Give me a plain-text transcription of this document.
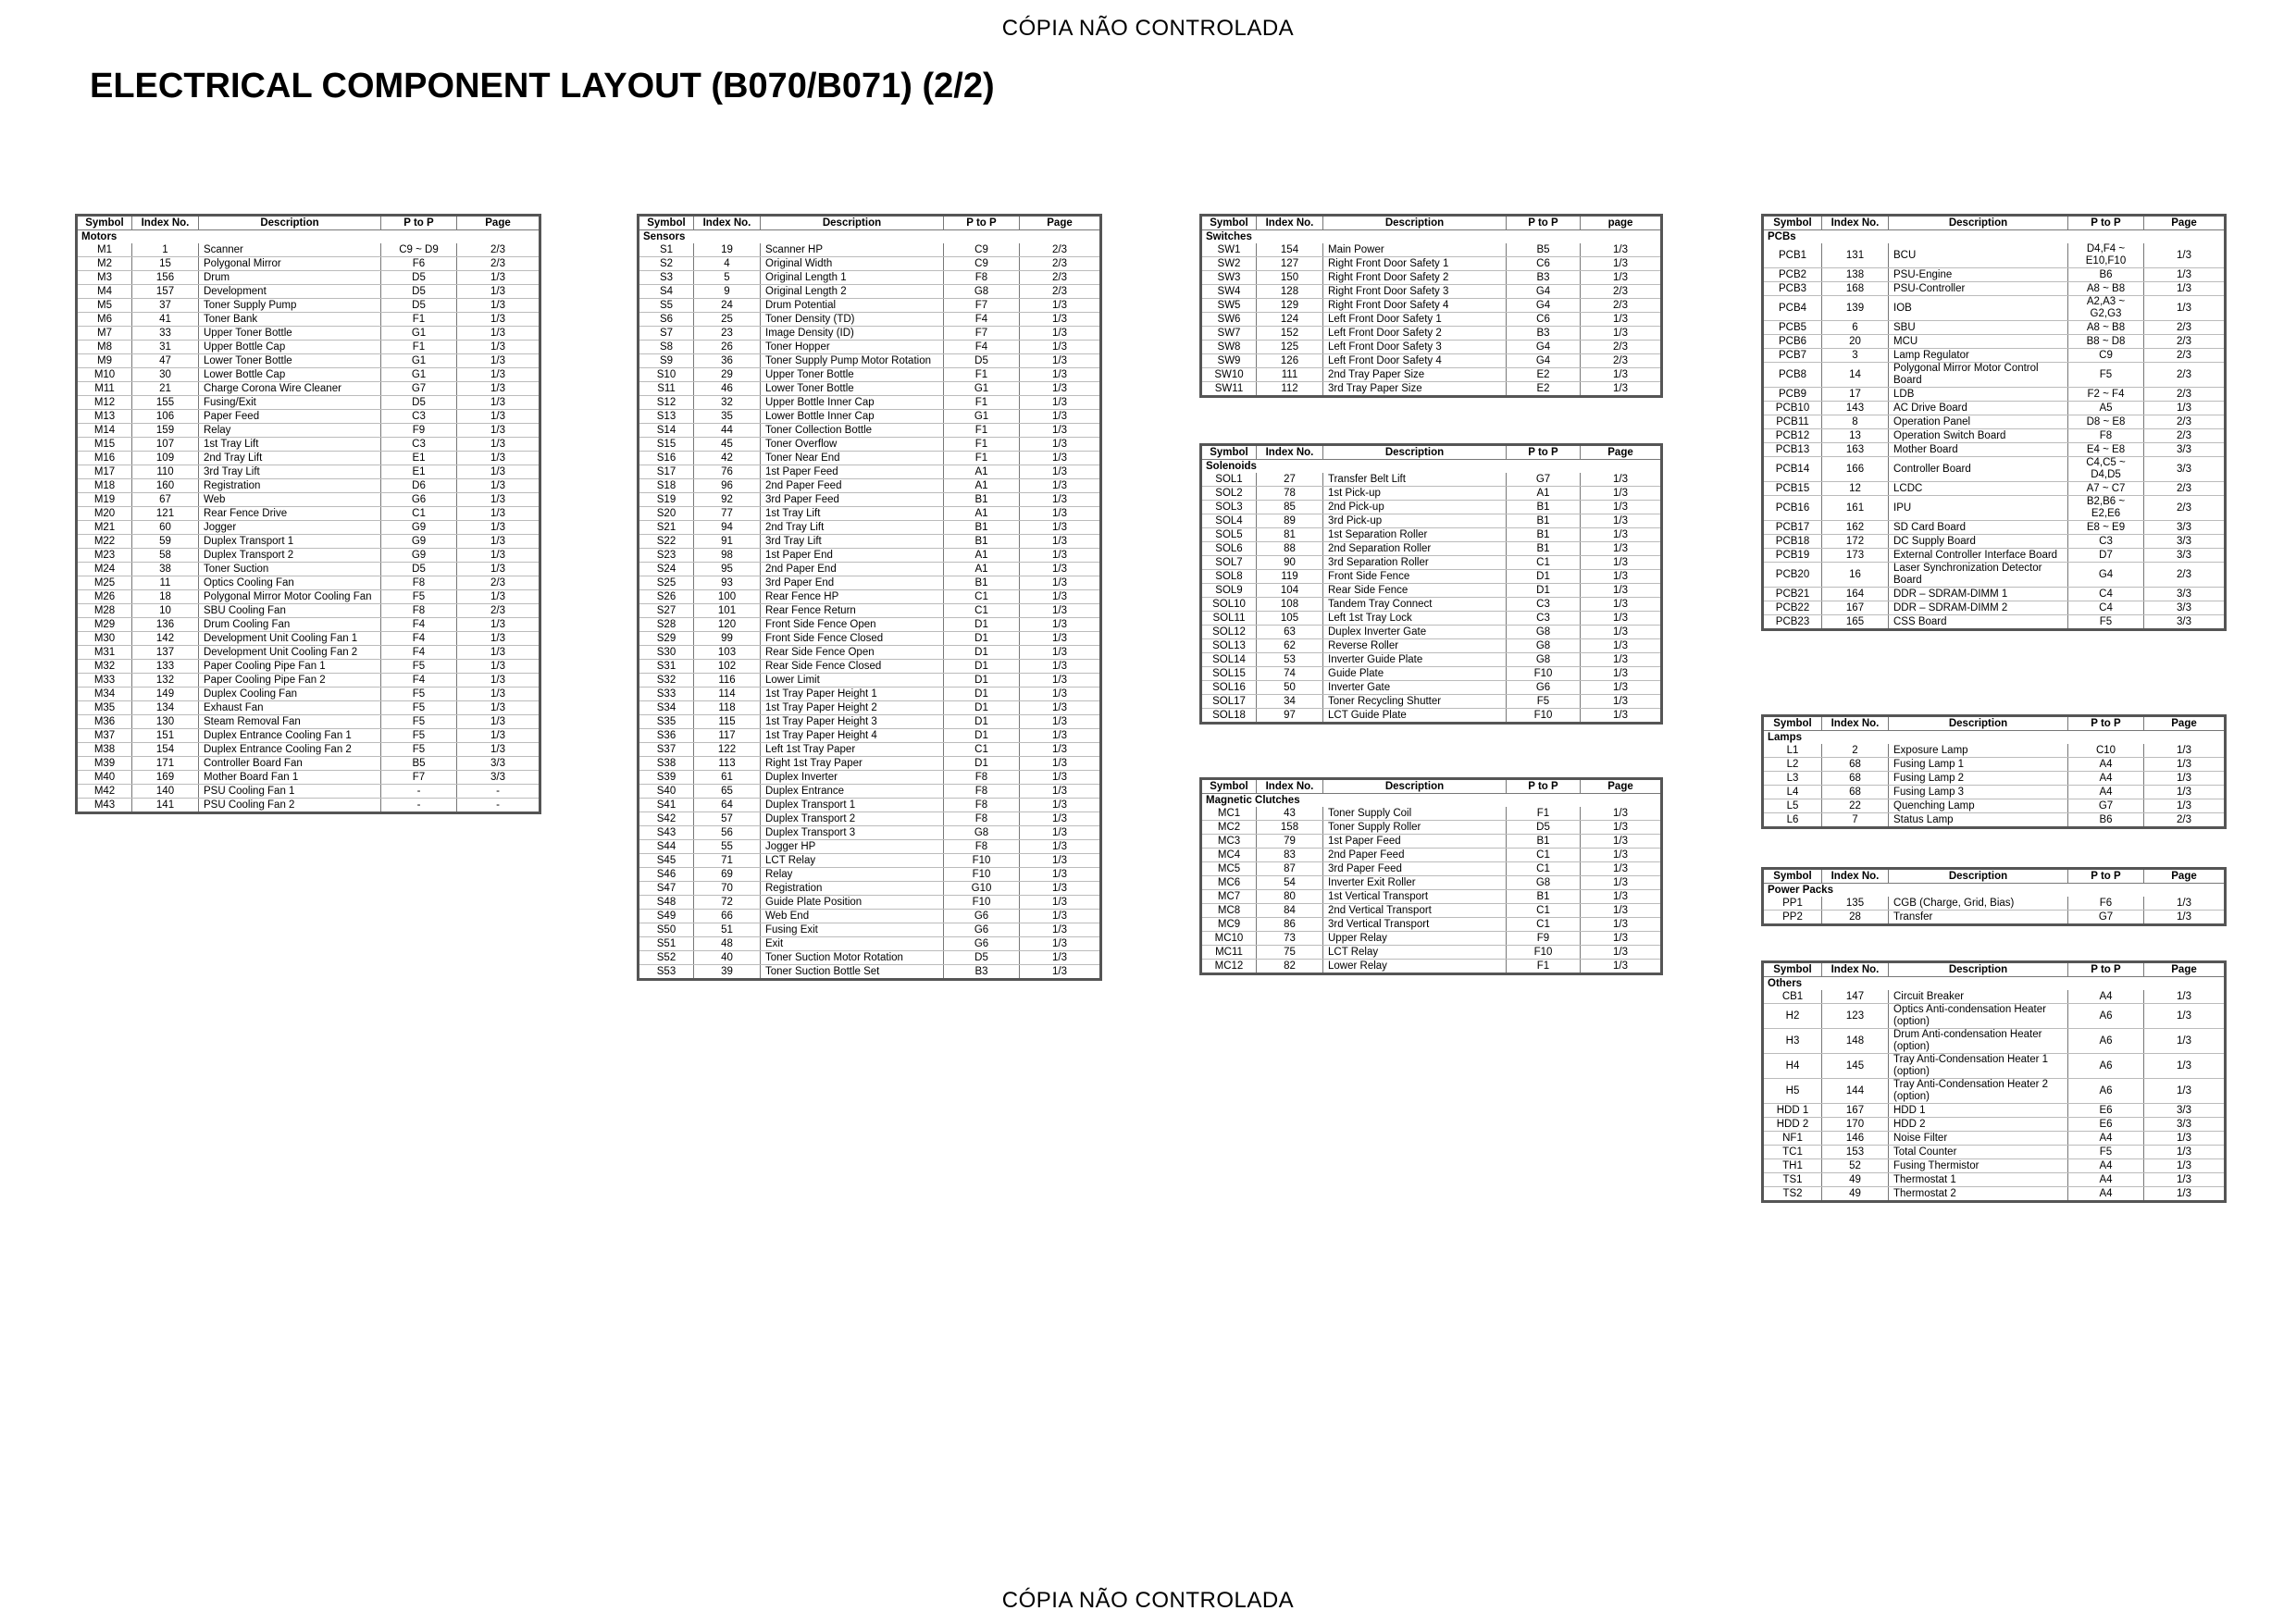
CÓPIA NÃO CONTROLADA
ELECTRICAL COMPONENT LAYOUT (B070/B071) (2/2)
Symbol	Index No.	Description	P to P	Page
Motors				
M1	1	Scanner	C9 ~ D9	2/3
M2	15	Polygonal Mirror	F6	2/3
M3	156	Drum	D5	1/3
M4	157	Development	D5	1/3
M5	37	Toner Supply Pump	D5	1/3
M6	41	Toner Bank	F1	1/3
M7	33	Upper Toner Bottle	G1	1/3
M8	31	Upper Bottle Cap	F1	1/3
M9	47	Lower Toner Bottle	G1	1/3
M10	30	Lower Bottle Cap	G1	1/3
M11	21	Charge Corona Wire Cleaner	G7	1/3
M12	155	Fusing/Exit	D5	1/3
M13	106	Paper Feed	C3	1/3
M14	159	Relay	F9	1/3
M15	107	1st Tray Lift	C3	1/3
M16	109	2nd Tray Lift	E1	1/3
M17	110	3rd Tray Lift	E1	1/3
M18	160	Registration	D6	1/3
M19	67	Web	G6	1/3
M20	121	Rear Fence Drive	C1	1/3
M21	60	Jogger	G9	1/3
M22	59	Duplex Transport 1	G9	1/3
M23	58	Duplex Transport 2	G9	1/3
M24	38	Toner Suction	D5	1/3
M25	11	Optics Cooling Fan	F8	2/3
M26	18	Polygonal Mirror Motor Cooling Fan	F5	1/3
M28	10	SBU Cooling Fan	F8	2/3
M29	136	Drum Cooling Fan	F4	1/3
M30	142	Development Unit Cooling Fan 1	F4	1/3
M31	137	Development Unit Cooling Fan 2	F4	1/3
M32	133	Paper Cooling Pipe Fan 1	F5	1/3
M33	132	Paper Cooling Pipe Fan 2	F4	1/3
M34	149	Duplex Cooling Fan	F5	1/3
M35	134	Exhaust Fan	F5	1/3
M36	130	Steam Removal Fan	F5	1/3
M37	151	Duplex Entrance Cooling Fan 1	F5	1/3
M38	154	Duplex Entrance Cooling Fan 2	F5	1/3
M39	171	Controller Board Fan	B5	3/3
M40	169	Mother Board Fan 1	F7	3/3
M42	140	PSU Cooling Fan 1	-	-
M43	141	PSU Cooling Fan 2	-	-
Symbol	Index No.	Description	P to P	Page
Sensors				
S1	19	Scanner HP	C9	2/3
S2	4	Original Width	C9	2/3
S3	5	Original Length 1	F8	2/3
S4	9	Original Length 2	G8	2/3
S5	24	Drum Potential	F7	1/3
S6	25	Toner Density (TD)	F4	1/3
S7	23	Image Density (ID)	F7	1/3
S8	26	Toner Hopper	F4	1/3
S9	36	Toner Supply Pump Motor Rotation	D5	1/3
S10	29	Upper Toner Bottle	F1	1/3
S11	46	Lower Toner Bottle	G1	1/3
S12	32	Upper Bottle Inner Cap	F1	1/3
S13	35	Lower Bottle Inner Cap	G1	1/3
S14	44	Toner Collection Bottle	F1	1/3
S15	45	Toner Overflow	F1	1/3
S16	42	Toner Near End	F1	1/3
S17	76	1st Paper Feed	A1	1/3
S18	96	2nd Paper Feed	A1	1/3
S19	92	3rd Paper Feed	B1	1/3
S20	77	1st Tray Lift	A1	1/3
S21	94	2nd Tray Lift	B1	1/3
S22	91	3rd Tray Lift	B1	1/3
S23	98	1st Paper End	A1	1/3
S24	95	2nd Paper End	A1	1/3
S25	93	3rd Paper End	B1	1/3
S26	100	Rear Fence HP	C1	1/3
S27	101	Rear Fence Return	C1	1/3
S28	120	Front Side Fence Open	D1	1/3
S29	99	Front Side Fence Closed	D1	1/3
S30	103	Rear Side Fence Open	D1	1/3
S31	102	Rear Side Fence Closed	D1	1/3
S32	116	Lower Limit	D1	1/3
S33	114	1st Tray Paper Height 1	D1	1/3
S34	118	1st Tray Paper Height 2	D1	1/3
S35	115	1st Tray Paper Height 3	D1	1/3
S36	117	1st Tray Paper Height 4	D1	1/3
S37	122	Left 1st Tray Paper	C1	1/3
S38	113	Right 1st Tray Paper	D1	1/3
S39	61	Duplex Inverter	F8	1/3
S40	65	Duplex Entrance	F8	1/3
S41	64	Duplex Transport 1	F8	1/3
S42	57	Duplex Transport 2	F8	1/3
S43	56	Duplex Transport 3	G8	1/3
S44	55	Jogger HP	F8	1/3
S45	71	LCT Relay	F10	1/3
S46	69	Relay	F10	1/3
S47	70	Registration	G10	1/3
S48	72	Guide Plate Position	F10	1/3
S49	66	Web End	G6	1/3
S50	51	Fusing Exit	G6	1/3
S51	48	Exit	G6	1/3
S52	40	Toner Suction Motor Rotation	D5	1/3
S53	39	Toner Suction Bottle Set	B3	1/3
Symbol	Index No.	Description	P to P	page
Switches				
SW1	154	Main Power	B5	1/3
SW2	127	Right Front Door Safety 1	C6	1/3
SW3	150	Right Front Door Safety 2	B3	1/3
SW4	128	Right Front Door Safety 3	G4	2/3
SW5	129	Right Front Door Safety 4	G4	2/3
SW6	124	Left Front Door Safety 1	C6	1/3
SW7	152	Left Front Door Safety 2	B3	1/3
SW8	125	Left Front Door Safety 3	G4	2/3
SW9	126	Left Front Door Safety 4	G4	2/3
SW10	111	2nd Tray Paper Size	E2	1/3
SW11	112	3rd Tray Paper Size	E2	1/3
Symbol	Index No.	Description	P to P	Page
Solenoids				
SOL1	27	Transfer Belt Lift	G7	1/3
SOL2	78	1st Pick-up	A1	1/3
SOL3	85	2nd Pick-up	B1	1/3
SOL4	89	3rd Pick-up	B1	1/3
SOL5	81	1st Separation Roller	B1	1/3
SOL6	88	2nd Separation Roller	B1	1/3
SOL7	90	3rd Separation Roller	C1	1/3
SOL8	119	Front Side Fence	D1	1/3
SOL9	104	Rear Side Fence	D1	1/3
SOL10	108	Tandem Tray Connect	C3	1/3
SOL11	105	Left 1st Tray Lock	C3	1/3
SOL12	63	Duplex Inverter Gate	G8	1/3
SOL13	62	Reverse Roller	G8	1/3
SOL14	53	Inverter Guide Plate	G8	1/3
SOL15	74	Guide Plate	F10	1/3
SOL16	50	Inverter Gate	G6	1/3
SOL17	34	Toner Recycling Shutter	F5	1/3
SOL18	97	LCT Guide Plate	F10	1/3
Symbol	Index No.	Description	P to P	Page
Magnetic Clutches				
MC1	43	Toner Supply Coil	F1	1/3
MC2	158	Toner Supply Roller	D5	1/3
MC3	79	1st Paper Feed	B1	1/3
MC4	83	2nd Paper Feed	C1	1/3
MC5	87	3rd Paper Feed	C1	1/3
MC6	54	Inverter Exit Roller	G8	1/3
MC7	80	1st Vertical Transport	B1	1/3
MC8	84	2nd Vertical Transport	C1	1/3
MC9	86	3rd Vertical Transport	C1	1/3
MC10	73	Upper Relay	F9	1/3
MC11	75	LCT Relay	F10	1/3
MC12	82	Lower Relay	F1	1/3
Symbol	Index No.	Description	P to P	Page
PCBs				
PCB1	131	BCU	D4,F4 ~ E10,F10	1/3
PCB2	138	PSU-Engine	B6	1/3
PCB3	168	PSU-Controller	A8 ~ B8	1/3
PCB4	139	IOB	A2,A3 ~ G2,G3	1/3
PCB5	6	SBU	A8 ~ B8	2/3
PCB6	20	MCU	B8 ~ D8	2/3
PCB7	3	Lamp Regulator	C9	2/3
PCB8	14	Polygonal Mirror Motor Control Board	F5	2/3
PCB9	17	LDB	F2 ~ F4	2/3
PCB10	143	AC Drive Board	A5	1/3
PCB11	8	Operation Panel	D8 ~ E8	2/3
PCB12	13	Operation Switch Board	F8	2/3
PCB13	163	Mother Board	E4 ~ E8	3/3
PCB14	166	Controller Board	C4,C5 ~ D4,D5	3/3
PCB15	12	LCDC	A7 ~ C7	2/3
PCB16	161	IPU	B2,B6 ~ E2,E6	2/3
PCB17	162	SD Card Board	E8 ~ E9	3/3
PCB18	172	DC Supply Board	C3	3/3
PCB19	173	External Controller Interface Board	D7	3/3
PCB20	16	Laser Synchronization Detector Board	G4	2/3
PCB21	164	DDR – SDRAM-DIMM 1	C4	3/3
PCB22	167	DDR – SDRAM-DIMM 2	C4	3/3
PCB23	165	CSS Board	F5	3/3
Symbol	Index No.	Description	P to P	Page
Lamps				
L1	2	Exposure Lamp	C10	1/3
L2	68	Fusing Lamp 1	A4	1/3
L3	68	Fusing Lamp 2	A4	1/3
L4	68	Fusing Lamp 3	A4	1/3
L5	22	Quenching Lamp	G7	1/3
L6	7	Status Lamp	B6	2/3
Symbol	Index No.	Description	P to P	Page
Power Packs				
PP1	135	CGB (Charge, Grid, Bias)	F6	1/3
PP2	28	Transfer	G7	1/3
Symbol	Index No.	Description	P to P	Page
Others				
CB1	147	Circuit Breaker	A4	1/3
H2	123	Optics Anti-condensation Heater (option)	A6	1/3
H3	148	Drum Anti-condensation Heater (option)	A6	1/3
H4	145	Tray Anti-Condensation Heater 1 (option)	A6	1/3
H5	144	Tray Anti-Condensation Heater 2 (option)	A6	1/3
HDD 1	167	HDD 1	E6	3/3
HDD 2	170	HDD 2	E6	3/3
NF1	146	Noise Filter	A4	1/3
TC1	153	Total Counter	F5	1/3
TH1	52	Fusing Thermistor	A4	1/3
TS1	49	Thermostat 1	A4	1/3
TS2	49	Thermostat 2	A4	1/3
CÓPIA NÃO CONTROLADA
